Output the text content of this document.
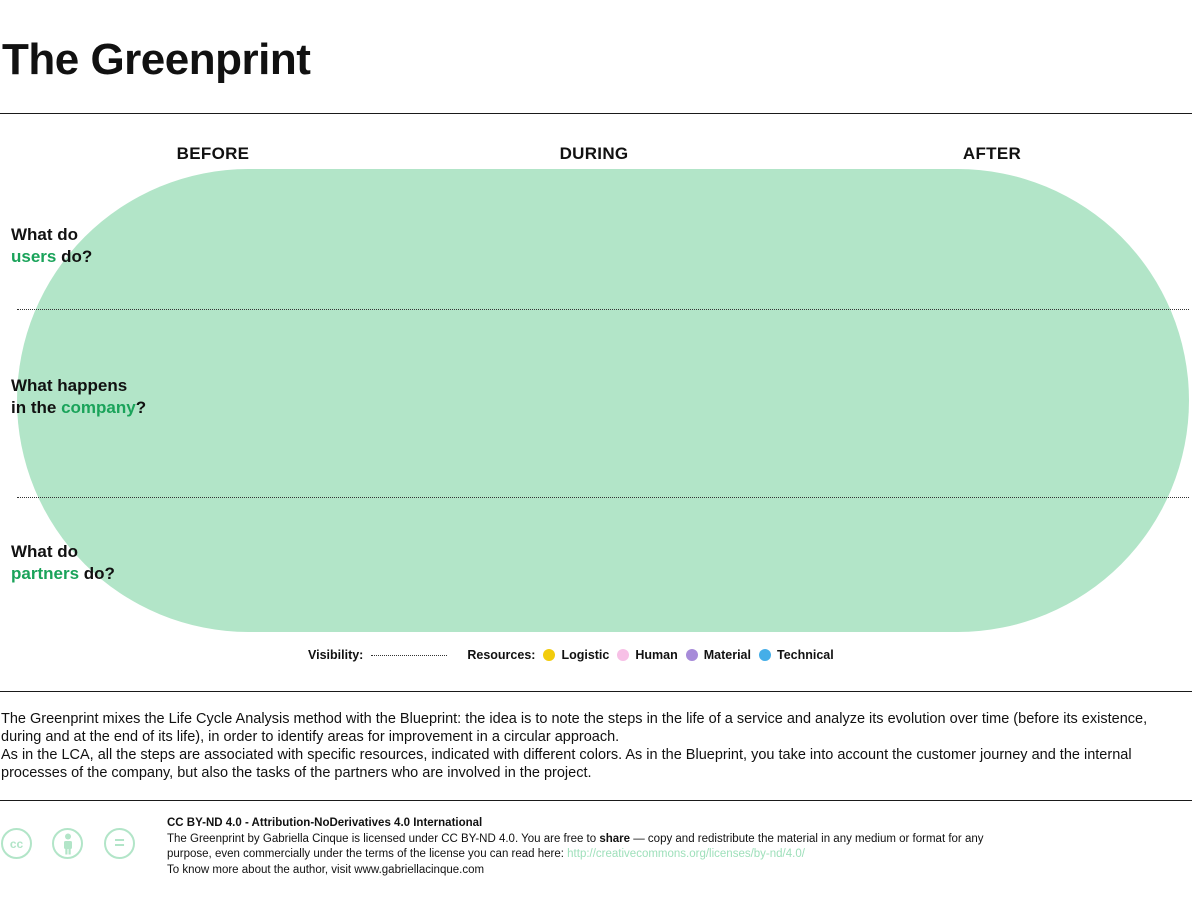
The Greenprint
BEFORE	DURING	AFTER
What do
users do?
What happens
in the company?
What do
partners do?
Visibility:	Resources: Logistic Human Material Technical

The Greenprint mixes the Life Cycle Analysis method with the Blueprint: the idea is to note the steps in the life of a service and analyze its evolution over time (before its existence, during and at the end of its life), in order to identify areas for improvement in a circular approach.

As in the LCA, all the steps are associated with specific resources, indicated with different colors. As in the Blueprint, you take into account the customer journey and the internal processes of the company, but also the tasks of the partners who are involved in the project.

cc	=
CC BY-ND 4.0 - Attribution-NoDerivatives 4.0 International
The Greenprint by Gabriella Cinque is licensed under CC BY-ND 4.0. You are free to share — copy and redistribute the material in any medium or format for any
purpose, even commercially under the terms of the license you can read here: http://creativecommons.org/licenses/by-nd/4.0/
To know more about the author, visit www.gabriellacinque.com
